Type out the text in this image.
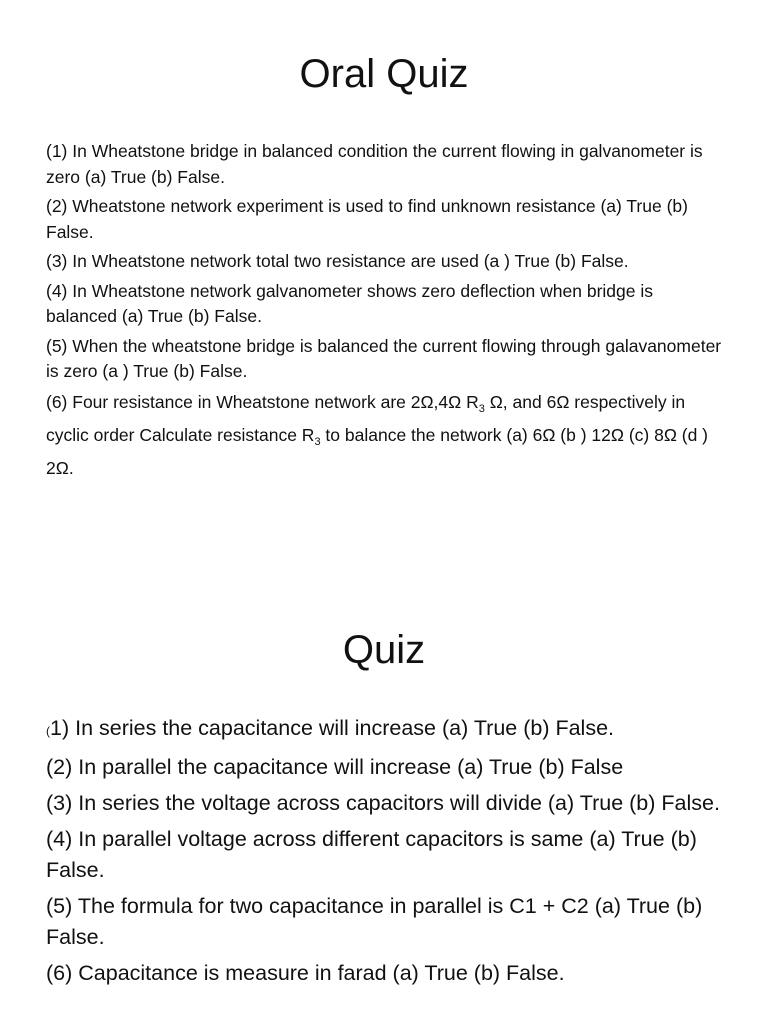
Oral Quiz
(1) In Wheatstone bridge in balanced condition the current flowing in galvanometer is zero (a) True (b) False.
(2) Wheatstone network experiment is used to find unknown resistance (a) True (b) False.
(3) In Wheatstone network total two resistance are used (a ) True (b) False.
(4) In Wheatstone network galvanometer shows zero deflection when bridge is balanced (a) True (b) False.
(5) When the wheatstone bridge is balanced the current flowing through galavanometer is zero (a ) True (b) False.
(6) Four resistance in Wheatstone network are 2Ω,4Ω $R_3$ Ω, and 6Ω respectively in cyclic order Calculate resistance $R_3$ to balance the network (a) 6Ω (b ) 12Ω (c) 8Ω (d ) 2Ω.
Quiz
(1) In series the capacitance will increase (a) True (b) False.
(2) In parallel the capacitance will increase (a) True (b) False
(3) In series the voltage across capacitors will divide (a) True (b) False.
(4) In parallel voltage across different capacitors is same (a) True (b) False.
(5) The formula for two capacitance in parallel is C1 + C2 (a) True (b) False.
(6) Capacitance is measure in farad (a) True (b) False.
